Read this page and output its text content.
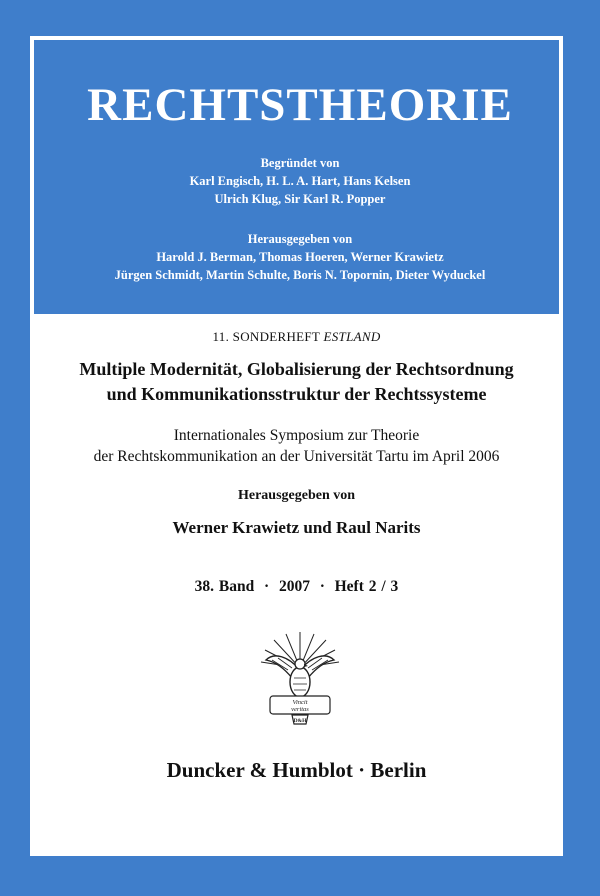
RECHTSTHEORIE
Begründet von
Karl Engisch, H. L. A. Hart, Hans Kelsen
Ulrich Klug, Sir Karl R. Popper
Herausgegeben von
Harold J. Berman, Thomas Hoeren, Werner Krawietz
Jürgen Schmidt, Martin Schulte, Boris N. Topornin, Dieter Wyduckel
11. SONDERHEFT ESTLAND
Multiple Modernität, Globalisierung der Rechtsordnung
und Kommunikationsstruktur der Rechtssysteme
Internationales Symposium zur Theorie
der Rechtskommunikation an der Universität Tartu im April 2006
Herausgegeben von
Werner Krawietz und Raul Narits
38. Band · 2007 · Heft 2 / 3
Vincit
veritas
D&H
Duncker & Humblot · Berlin
